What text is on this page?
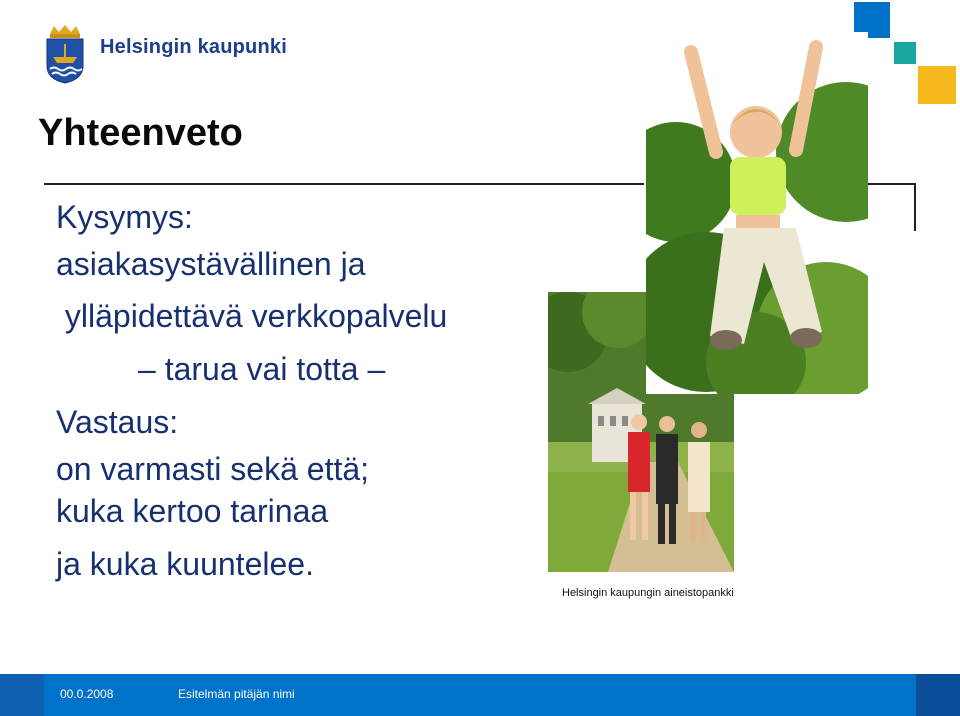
Helsingin kaupunki
Yhteenveto
Kysymys:
asiakasystävällinen ja
ylläpidettävä verkkopalvelu
– tarua vai totta –
Vastaus:
on varmasti sekä että;
kuka kertoo tarinaa
ja kuka kuuntelee.
Helsingin kaupungin aineistopankki
00.0.2008	Esitelmän pitäjän nimi
